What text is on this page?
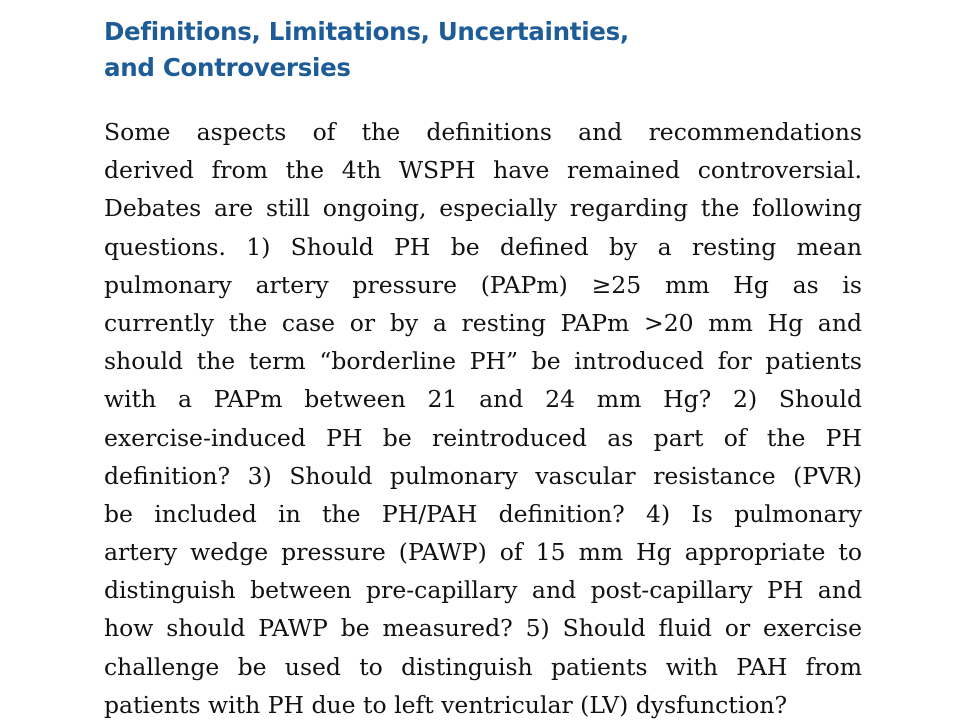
Definitions, Limitations, Uncertainties,
and Controversies
Some aspects of the definitions and recommendations
derived from the 4th WSPH have remained controversial.
Debates are still ongoing, especially regarding the following
questions. 1) Should PH be defined by a resting mean
pulmonary artery pressure (PAPm) ≥25 mm Hg as is
currently the case or by a resting PAPm >20 mm Hg and
should the term “borderline PH” be introduced for patients
with a PAPm between 21 and 24 mm Hg? 2) Should
exercise-induced PH be reintroduced as part of the PH
definition? 3) Should pulmonary vascular resistance (PVR)
be included in the PH/PAH definition? 4) Is pulmonary
artery wedge pressure (PAWP) of 15 mm Hg appropriate to
distinguish between pre-capillary and post-capillary PH and
how should PAWP be measured? 5) Should fluid or exercise
challenge be used to distinguish patients with PAH from
patients with PH due to left ventricular (LV) dysfunction?
